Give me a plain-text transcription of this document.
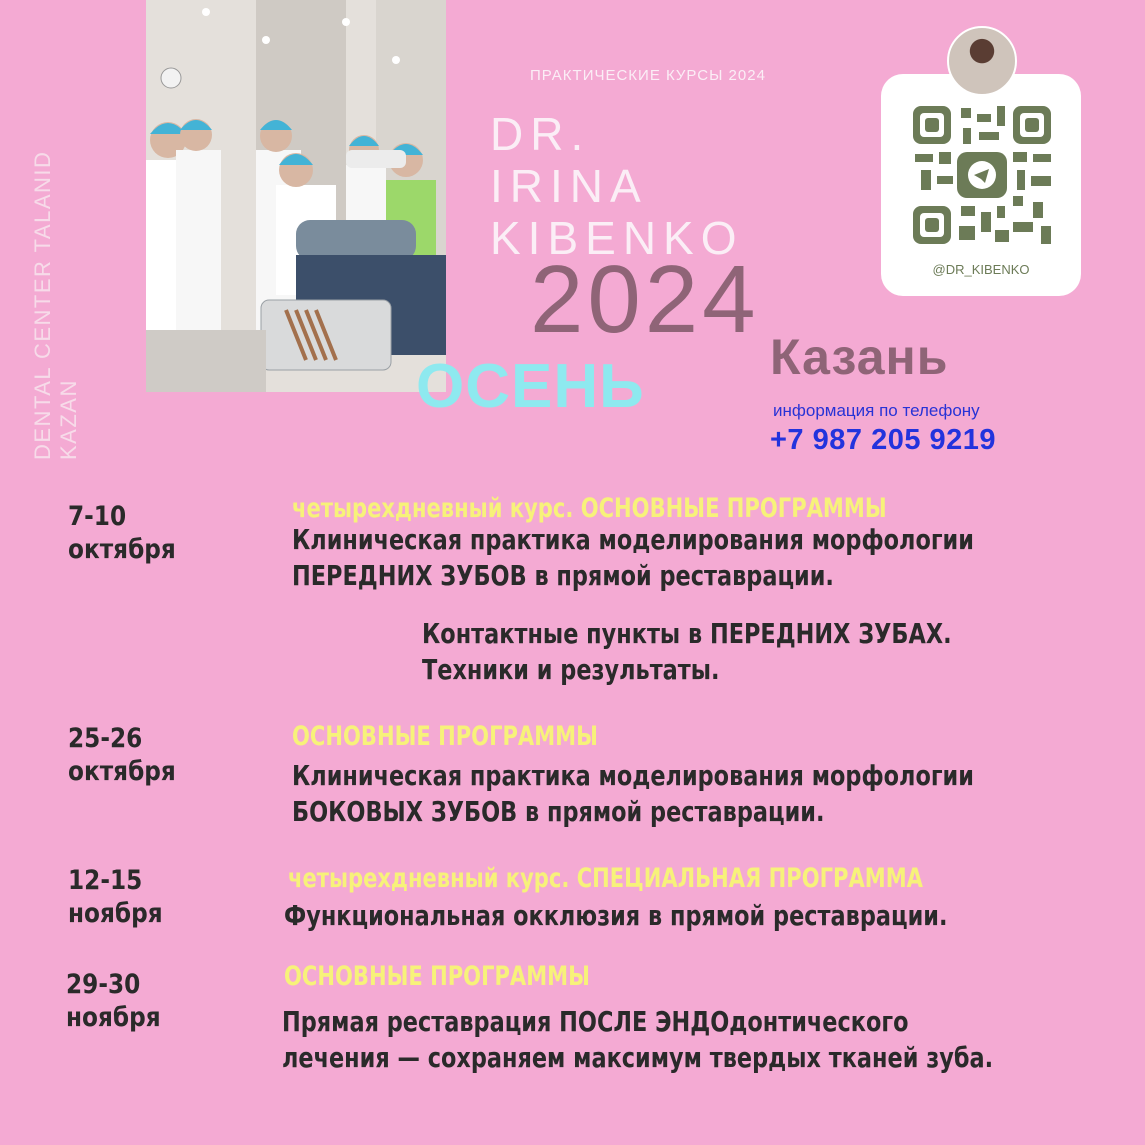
DENTAL CENTER TALANID KAZAN
ПРАКТИЧЕСКИЕ КУРСЫ 2024
DR.
IRINA
KIBENKO
2024
Казань
ОСЕНЬ
@DR_KIBENKO
информация по телефону
+7 987 205 9219
7-10
октября
четырехдневный курс. ОСНОВНЫЕ ПРОГРАММЫ
Клиническая практика моделирования морфологии
ПЕРЕДНИХ ЗУБОВ в прямой реставрации.
Контактные пункты в ПЕРЕДНИХ ЗУБАХ.
Техники и результаты.
25-26
октября
ОСНОВНЫЕ ПРОГРАММЫ
Клиническая практика моделирования морфологии
БОКОВЫХ ЗУБОВ в прямой реставрации.
12-15
ноября
четырехдневный курс. СПЕЦИАЛЬНАЯ ПРОГРАММА
Функциональная окклюзия в прямой реставрации.
29-30
ноября
ОСНОВНЫЕ ПРОГРАММЫ
Прямая реставрация ПОСЛЕ ЭНДОдонтического
лечения — сохраняем максимум твердых тканей зуба.
